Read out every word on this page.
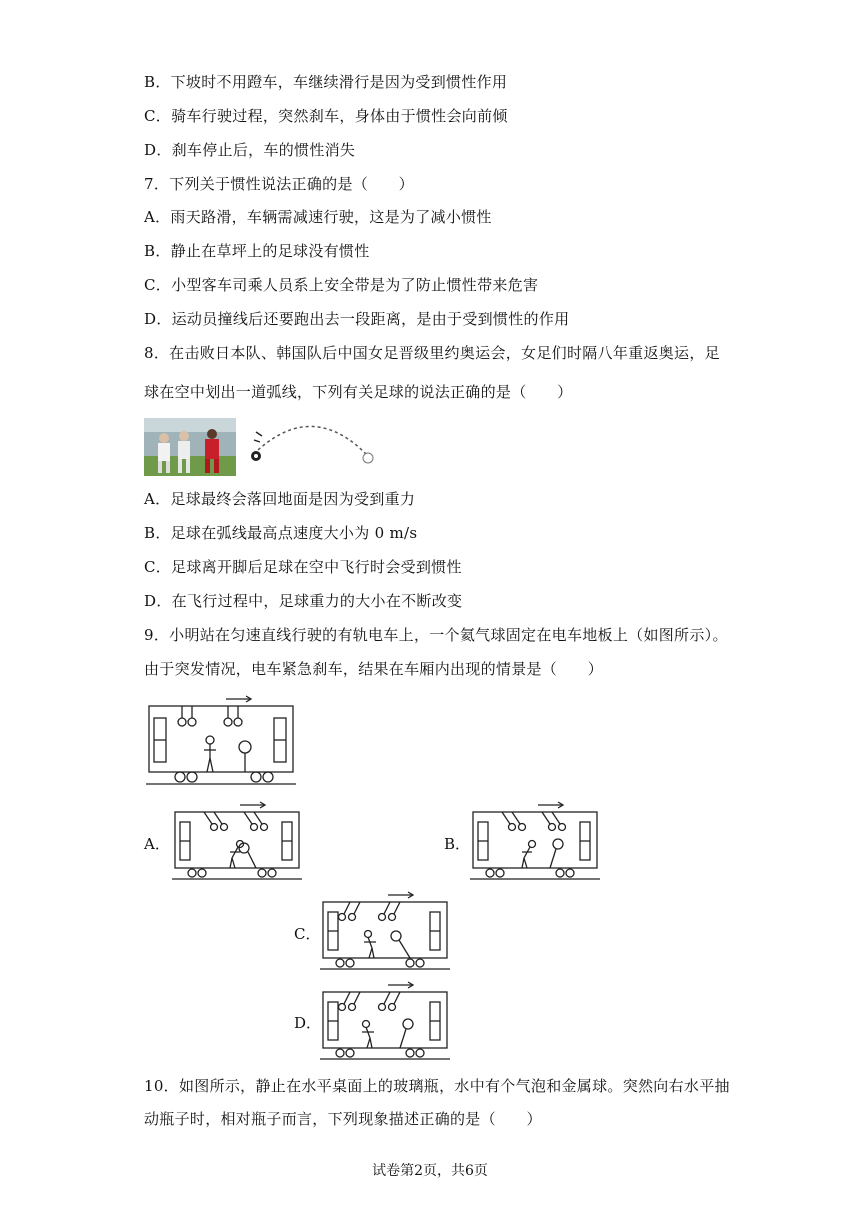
B．下坡时不用蹬车，车继续滑行是因为受到惯性作用
C．骑车行驶过程，突然刹车，身体由于惯性会向前倾
D．刹车停止后，车的惯性消失
7．下列关于惯性说法正确的是（　　）
A．雨天路滑，车辆需减速行驶，这是为了减小惯性
B．静止在草坪上的足球没有惯性
C．小型客车司乘人员系上安全带是为了防止惯性带来危害
D．运动员撞线后还要跑出去一段距离，是由于受到惯性的作用
8．在击败日本队、韩国队后中国女足晋级里约奥运会，女足们时隔八年重返奥运，足
球在空中划出一道弧线，下列有关足球的说法正确的是（　　）
A．足球最终会落回地面是因为受到重力
B．足球在弧线最高点速度大小为 0 m/s
C．足球离开脚后足球在空中飞行时会受到惯性
D．在飞行过程中，足球重力的大小在不断改变
9．小明站在匀速直线行驶的有轨电车上，一个氦气球固定在电车地板上（如图所示）。
由于突发情况，电车紧急刹车，结果在车厢内出现的情景是（　　）
A．	B．
C．
D．
10．如图所示，静止在水平桌面上的玻璃瓶，水中有个气泡和金属球。突然向右水平抽
动瓶子时，相对瓶子而言，下列现象描述正确的是（　　）
试卷第2页，共6页
